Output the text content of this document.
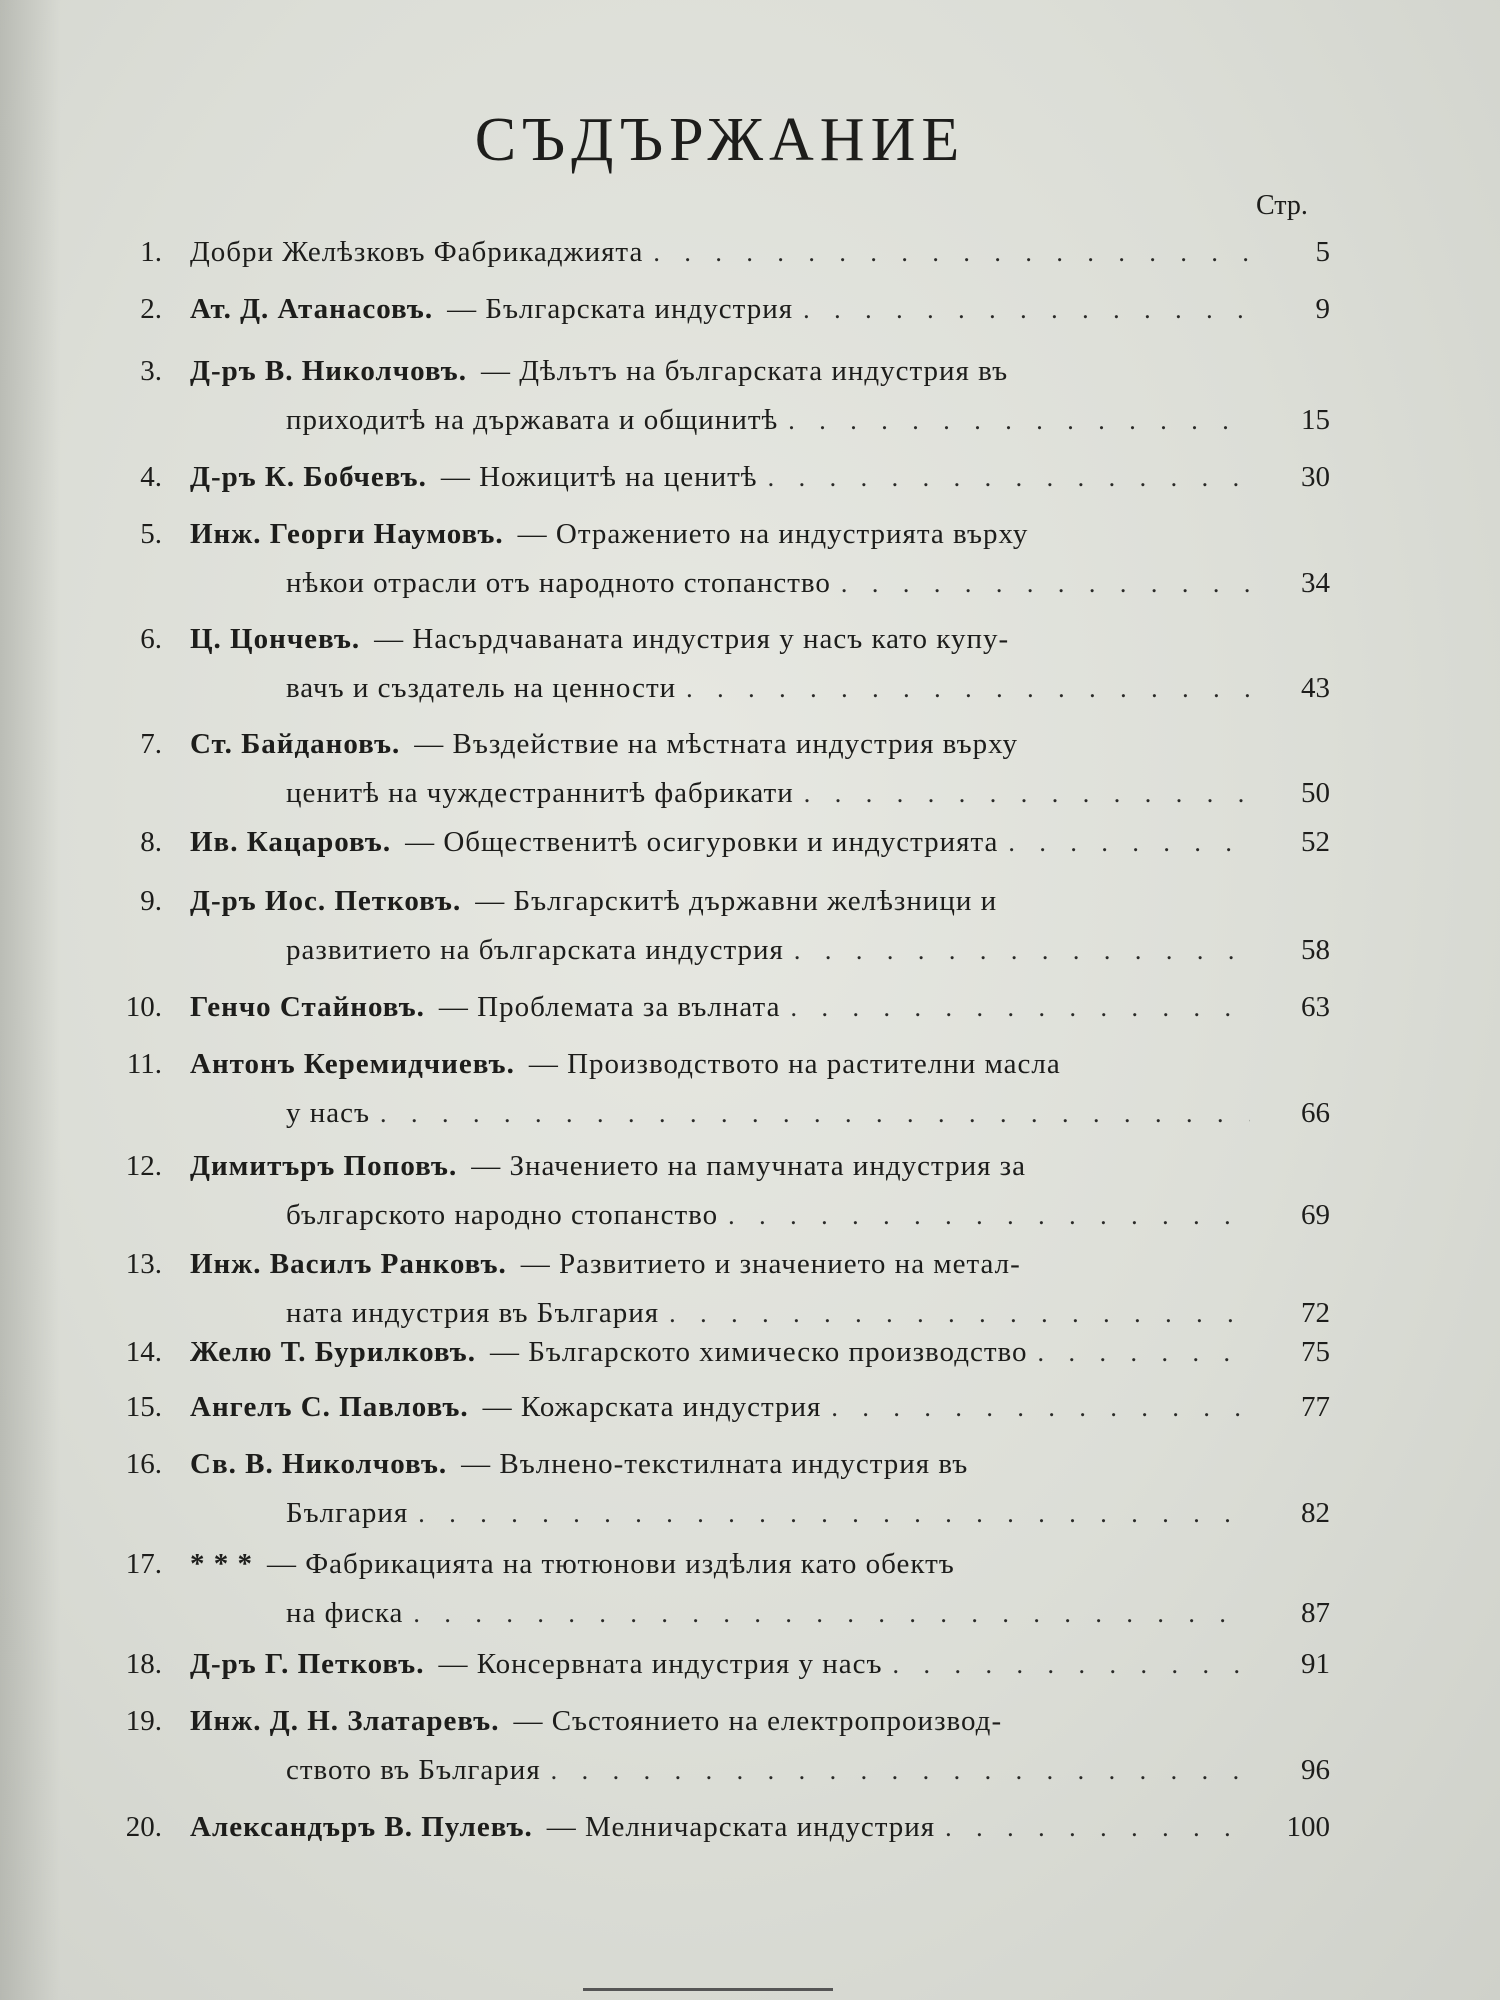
СЪДЪРЖАНИЕ
Стр.
1. Добри Желѣзковъ Фабрикаджията . . .	5
2. Ат. Д. Атанасовъ. — Българската индустрия . . .	9
3. Д-ръ В. Николчовъ. — Дѣлътъ на българската индустрия въ
приходитѣ на държавата и общинитѣ . . .	15
4. Д-ръ К. Бобчевъ. — Ножицитѣ на ценитѣ . . .	30
5. Инж. Георги Наумовъ. — Отражението на индустрията върху
нѣкои отрасли отъ народното стопанство . . .	34
6. Ц. Цончевъ. — Насърдчаваната индустрия у насъ като купу-
вачъ и създатель на ценности . . .	43
7. Ст. Байдановъ. — Въздействие на мѣстната индустрия върху
ценитѣ на чуждестраннитѣ фабрикати . . .	50
8. Ив. Кацаровъ. — Общественитѣ осигуровки и индустрията . . .	52
9. Д-ръ Иос. Петковъ. — Българскитѣ държавни желѣзници и
развитието на българската индустрия . . .	58
10. Генчо Стайновъ. — Проблемата за вълната . . .	63
11. Антонъ Керемидчиевъ. — Производството на растителни масла
у насъ . . .	66
12. Димитъръ Поповъ. — Значението на памучната индустрия за
българското народно стопанство . . .	69
13. Инж. Василъ Ранковъ. — Развитието и значението на метал-
ната индустрия въ България . . .	72
14. Желю Т. Бурилковъ. — Българското химическо производство . . .	75
15. Ангелъ С. Павловъ. — Кожарската индустрия . . .	77
16. Св. В. Николчовъ. — Вълнено-текстилната индустрия въ
България . . .	82
17. * * * — Фабрикацията на тютюнови издѣлия като обектъ
на фиска . . .	87
18. Д-ръ Г. Петковъ. — Консервната индустрия у насъ . . .	91
19. Инж. Д. Н. Златаревъ. — Състоянието на електропроизвод-
ството въ България . . .	96
20. Александъръ В. Пулевъ. — Мелничарската индустрия . . .	100
